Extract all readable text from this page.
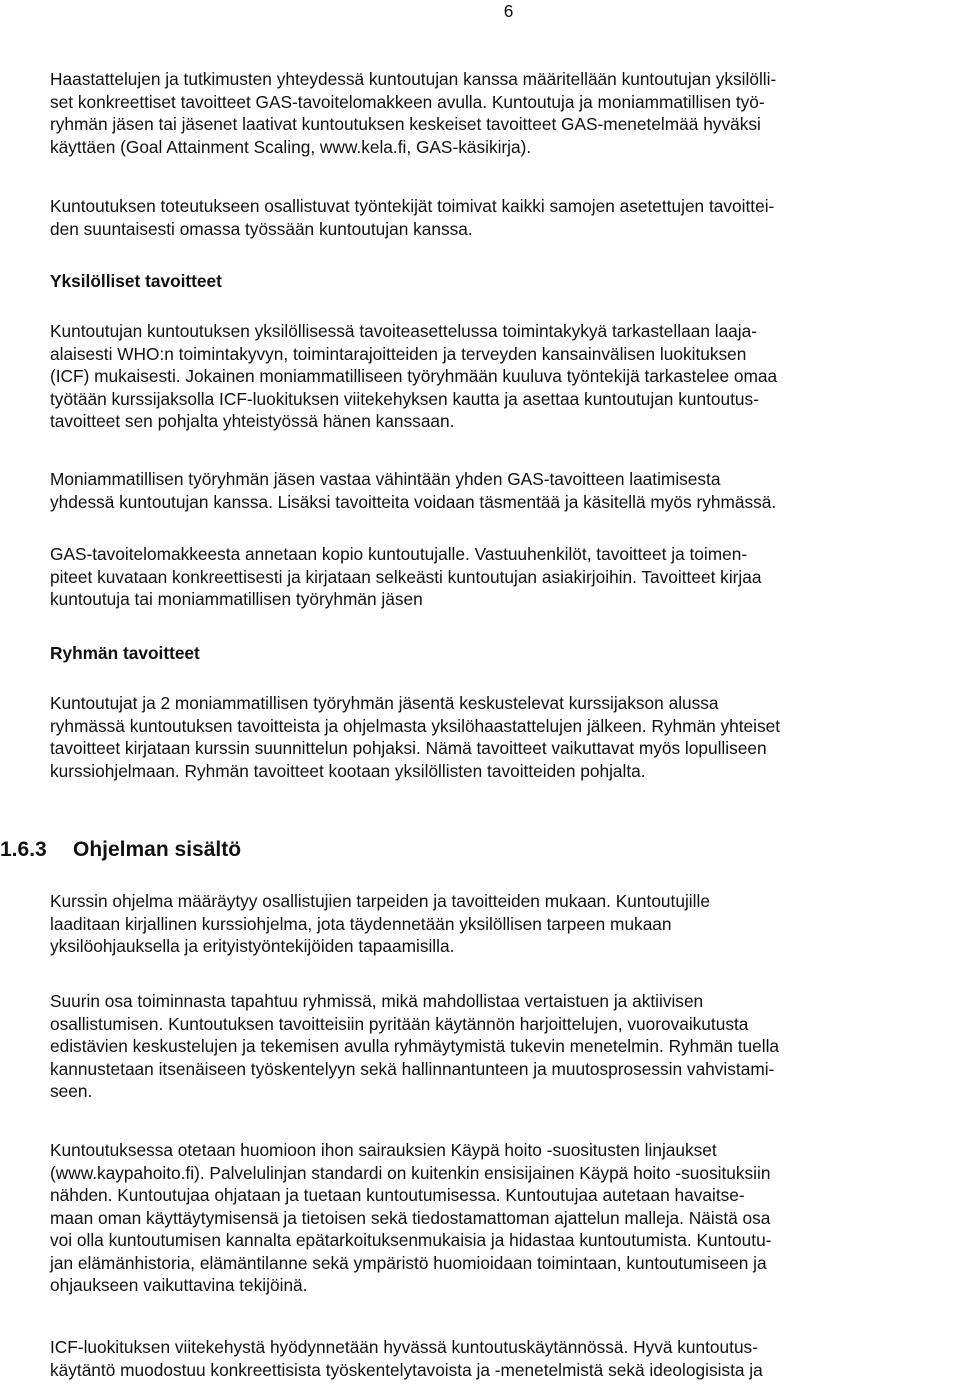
6

Haastattelujen ja tutkimusten yhteydessä kuntoutujan kanssa määritellään kuntoutujan yksilölli-
set konkreettiset tavoitteet GAS-tavoitelomakkeen avulla. Kuntoutuja ja moniammatillisen työ-
ryhmän jäsen tai jäsenet laativat kuntoutuksen keskeiset tavoitteet GAS-menetelmää hyväksi
käyttäen (Goal Attainment Scaling, www.kela.fi, GAS-käsikirja).

Kuntoutuksen toteutukseen osallistuvat työntekijät toimivat kaikki samojen asetettujen tavoittei-
den suuntaisesti omassa työssään kuntoutujan kanssa.

Yksilölliset tavoitteet

Kuntoutujan kuntoutuksen yksilöllisessä tavoiteasettelussa toimintakykyä tarkastellaan laaja-
alaisesti WHO:n toimintakyvyn, toimintarajoitteiden ja terveyden kansainvälisen luokituksen
(ICF) mukaisesti. Jokainen moniammatilliseen työryhmään kuuluva työntekijä tarkastelee omaa
työtään kurssijaksolla ICF-luokituksen viitekehyksen kautta ja asettaa kuntoutujan kuntoutus-
tavoitteet sen pohjalta yhteistyössä hänen kanssaan.

Moniammatillisen työryhmän jäsen vastaa vähintään yhden GAS-tavoitteen laatimisesta
yhdessä kuntoutujan kanssa. Lisäksi tavoitteita voidaan täsmentää ja käsitellä myös ryhmässä.

GAS-tavoitelomakkeesta annetaan kopio kuntoutujalle. Vastuuhenkilöt, tavoitteet ja toimen-
piteet kuvataan konkreettisesti ja kirjataan selkeästi kuntoutujan asiakirjoihin. Tavoitteet kirjaa
kuntoutuja tai moniammatillisen työryhmän jäsen

Ryhmän tavoitteet

Kuntoutujat ja 2 moniammatillisen työryhmän jäsentä keskustelevat kurssijakson alussa
ryhmässä kuntoutuksen tavoitteista ja ohjelmasta yksilöhaastattelujen jälkeen. Ryhmän yhteiset
tavoitteet kirjataan kurssin suunnittelun pohjaksi. Nämä tavoitteet vaikuttavat myös lopulliseen
kurssiohjelmaan. Ryhmän tavoitteet kootaan yksilöllisten tavoitteiden pohjalta.

1.6.3 Ohjelman sisältö

Kurssin ohjelma määräytyy osallistujien tarpeiden ja tavoitteiden mukaan. Kuntoutujille
laaditaan kirjallinen kurssiohjelma, jota täydennetään yksilöllisen tarpeen mukaan
yksilöohjauksella ja erityistyöntekijöiden tapaamisilla.

Suurin osa toiminnasta tapahtuu ryhmissä, mikä mahdollistaa vertaistuen ja aktiivisen
osallistumisen. Kuntoutuksen tavoitteisiin pyritään käytännön harjoittelujen, vuorovaikutusta
edistävien keskustelujen ja tekemisen avulla ryhmäytymistä tukevin menetelmin. Ryhmän tuella
kannustetaan itsenäiseen työskentelyyn sekä hallinnantunteen ja muutosprosessin vahvistami-
seen.

Kuntoutuksessa otetaan huomioon ihon sairauksien Käypä hoito -suositusten linjaukset
(www.kaypahoito.fi). Palvelulinjan standardi on kuitenkin ensisijainen Käypä hoito -suosituksiin
nähden. Kuntoutujaa ohjataan ja tuetaan kuntoutumisessa. Kuntoutujaa autetaan havaitse-
maan oman käyttäytymisensä ja tietoisen sekä tiedostamattoman ajattelun malleja. Näistä osa
voi olla kuntoutumisen kannalta epätarkoituksenmukaisia ja hidastaa kuntoutumista. Kuntoutu-
jan elämänhistoria, elämäntilanne sekä ympäristö huomioidaan toimintaan, kuntoutumiseen ja
ohjaukseen vaikuttavina tekijöinä.

ICF-luokituksen viitekehystä hyödynnetään hyvässä kuntoutuskäytännössä. Hyvä kuntoutus-
käytäntö muodostuu konkreettisista työskentelytavoista ja -menetelmistä sekä ideologisista ja
